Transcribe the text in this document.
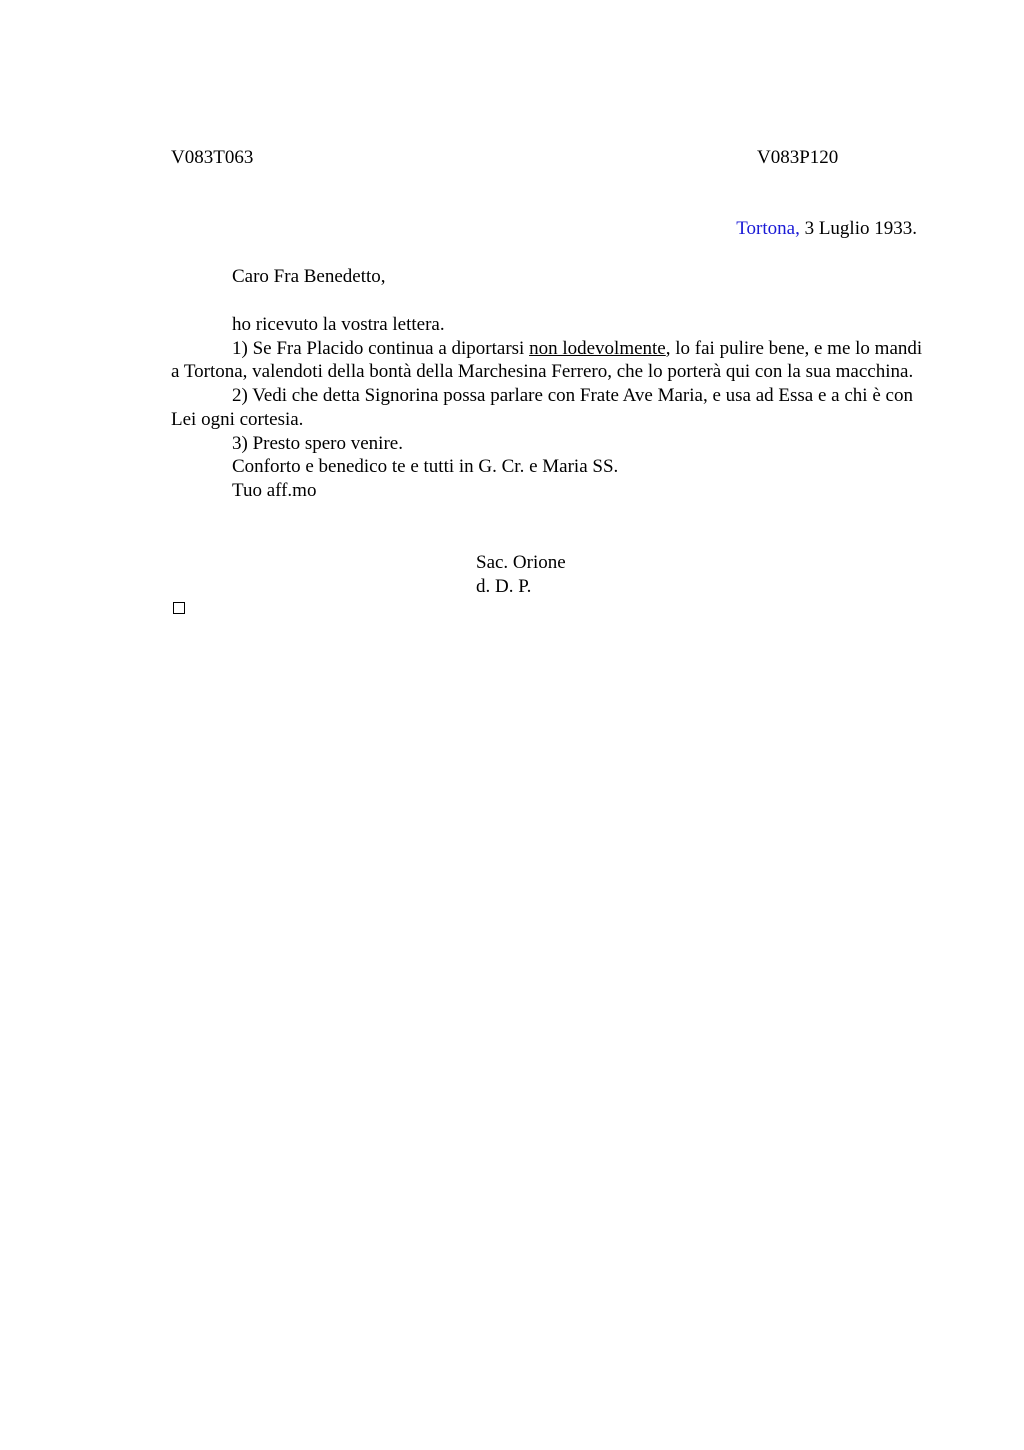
V083T063	V083P120
Tortona, 3 Luglio 1933.
Caro Fra Benedetto,

ho ricevuto la vostra lettera.

1) Se Fra Placido continua a diportarsi non lodevolmente, lo fai pulire bene, e me lo mandi a Tortona, valendoti della bontà della Marchesina Ferrero, che lo porterà qui con la sua macchina.

2) Vedi che detta Signorina possa parlare con Frate Ave Maria, e usa ad Essa e a chi è con Lei ogni cortesia.

3) Presto spero venire.

Conforto e benedico te e tutti in G. Cr. e Maria SS.

Tuo aff.mo

Sac. Orione
d. D. P.
